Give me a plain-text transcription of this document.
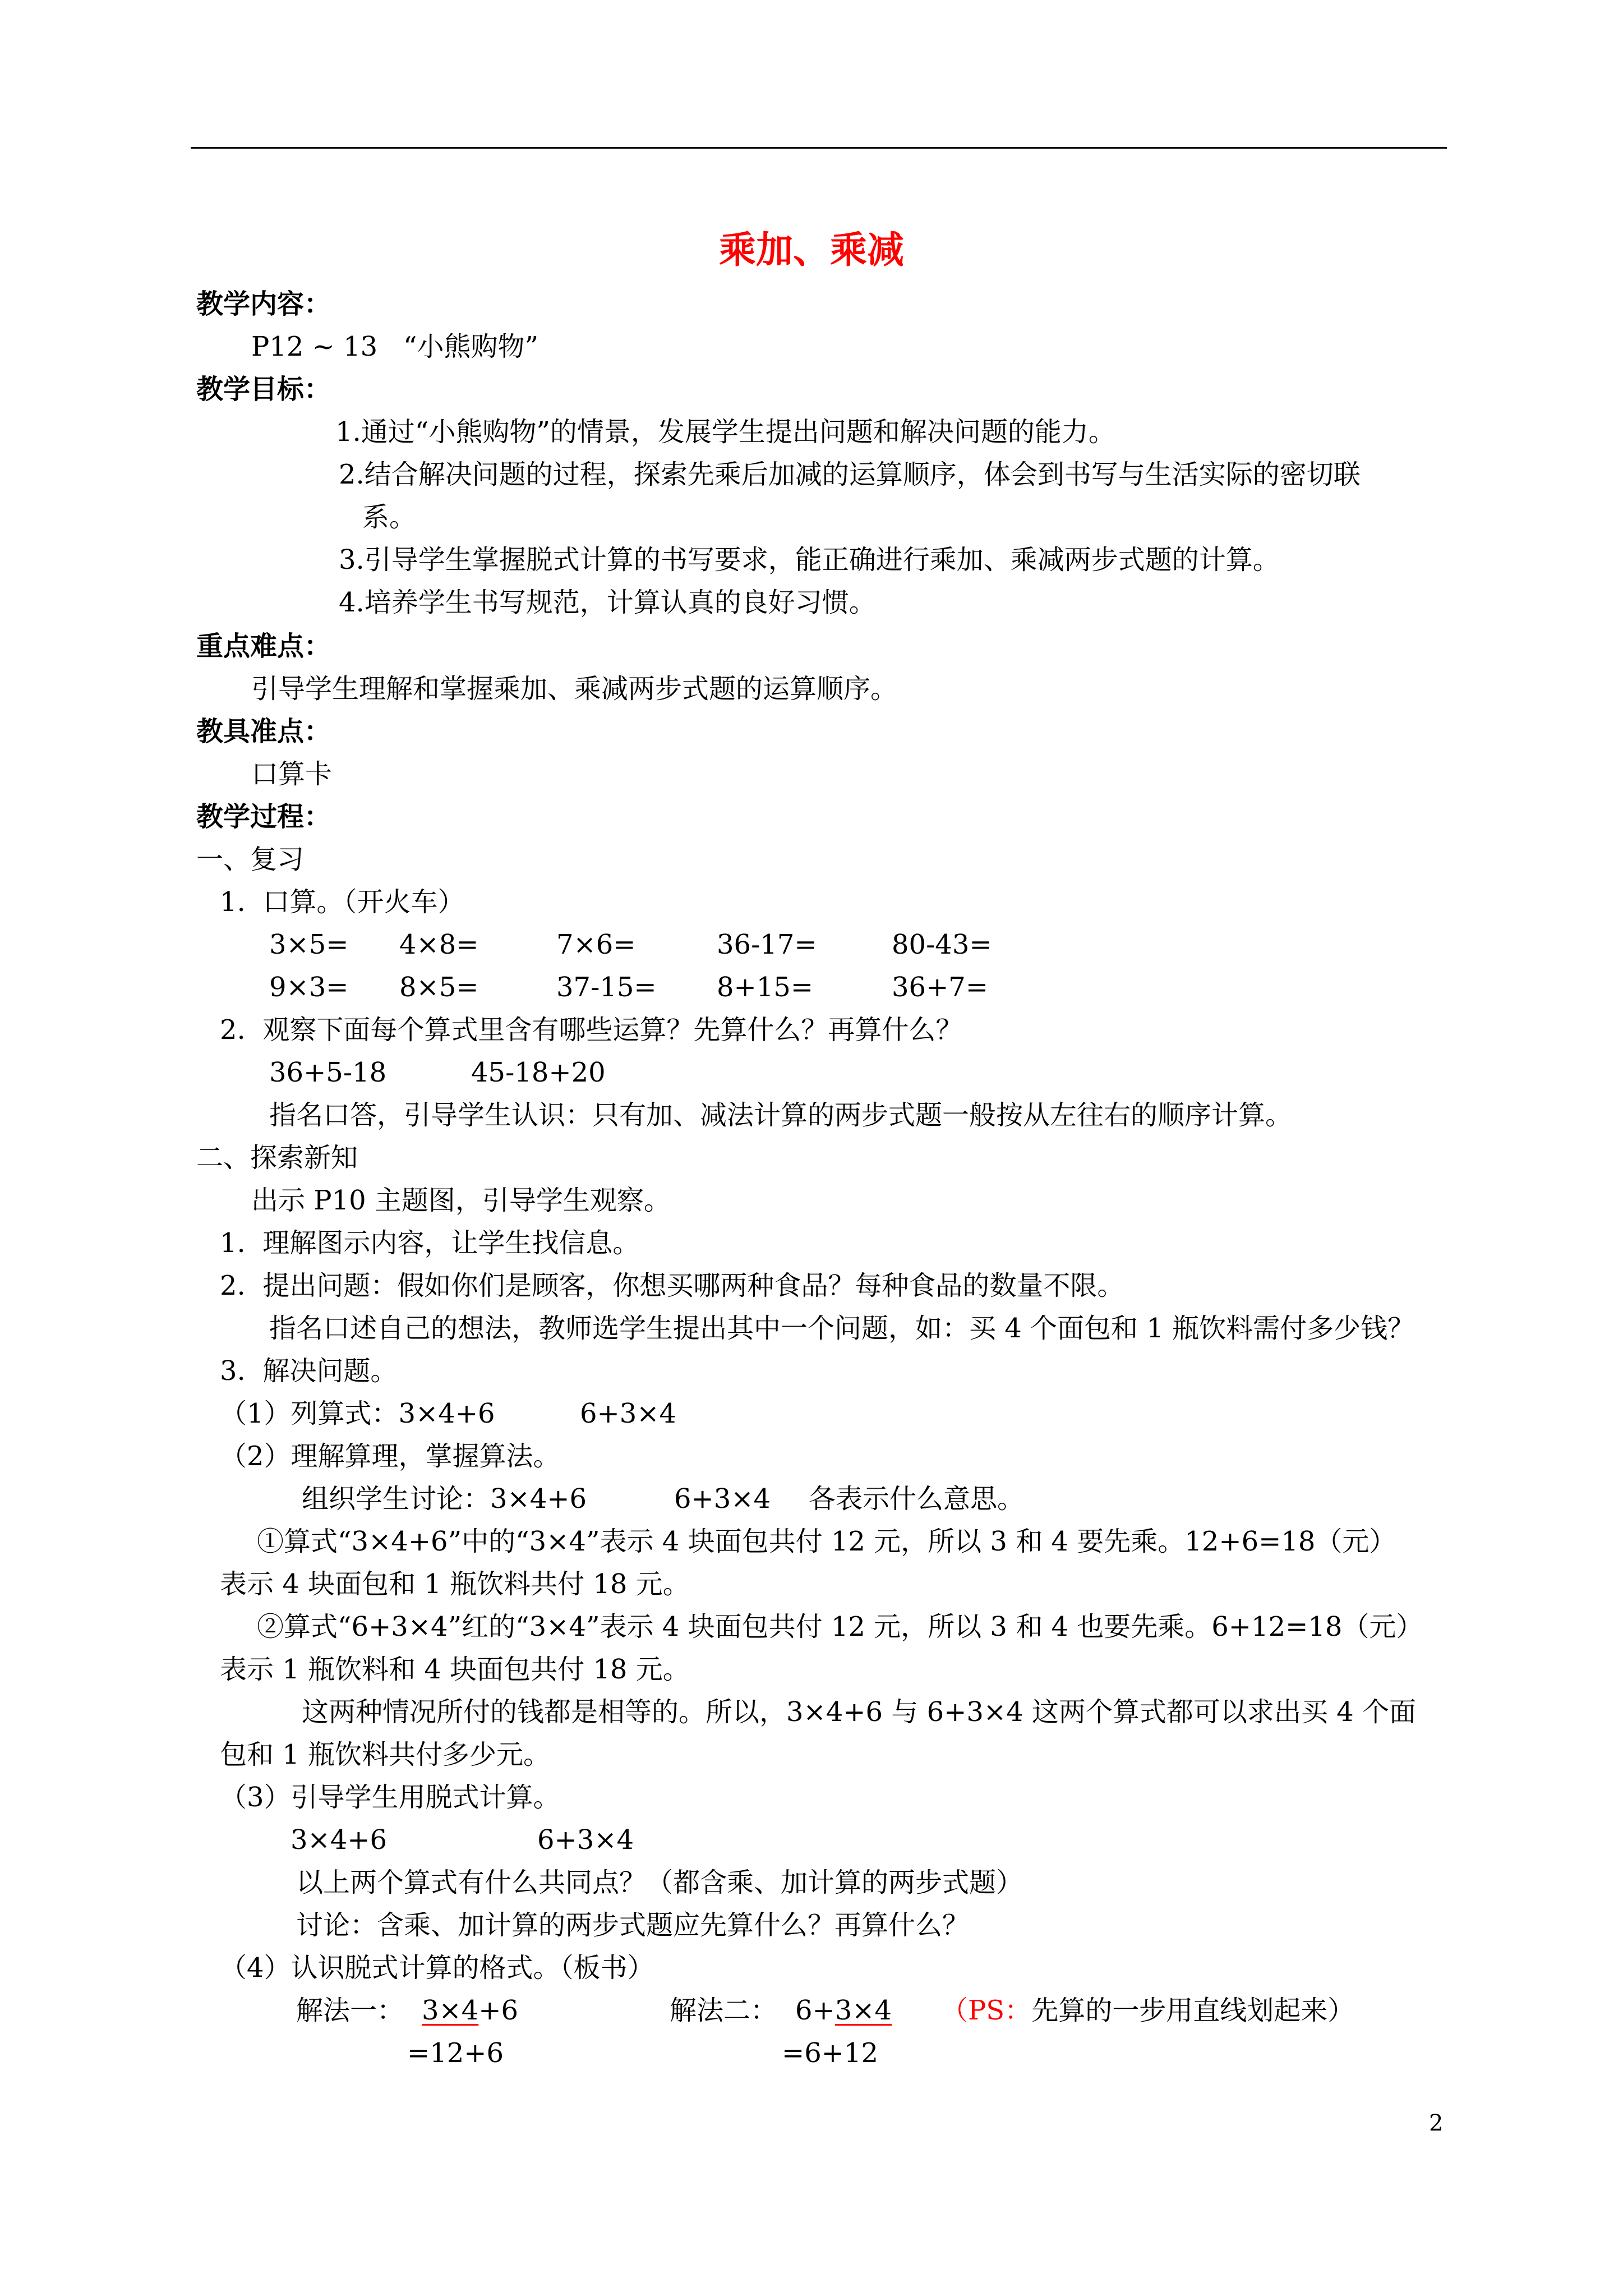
乘加、乘减
教学内容：
P12 ~ 13   “小熊购物”
教学目标：
1.通过“小熊购物”的情景，发展学生提出问题和解决问题的能力。
2.结合解决问题的过程，探索先乘后加减的运算顺序，体会到书写与生活实际的密切联
系。
3.引导学生掌握脱式计算的书写要求，能正确进行乘加、乘减两步式题的计算。
4.培养学生书写规范，计算认真的良好习惯。
重点难点：
引导学生理解和掌握乘加、乘减两步式题的运算顺序。
教具准点：
口算卡
教学过程：
一、复习
1.  口算。（开火车）
3×5= 4×8=	7×6=	36-17=	80-43=
9×3= 8×5=	37-15= 8+15=	36+7=
2.  观察下面每个算式里含有哪些运算？先算什么？再算什么？
36+5-18	45-18+20
指名口答，引导学生认识：只有加、减法计算的两步式题一般按从左往右的顺序计算。
二、探索新知
出示 P10 主题图，引导学生观察。
1.  理解图示内容，让学生找信息。
2.  提出问题：假如你们是顾客，你想买哪两种食品？每种食品的数量不限。
指名口述自己的想法，教师选学生提出其中一个问题，如：买 4 个面包和 1 瓶饮料需付多少钱？
3.  解决问题。
（1）列算式：3×4+6	6+3×4
（2）理解算理，掌握算法。
组织学生讨论：3×4+6	6+3×4 各表示什么意思。
①算式“3×4+6”中的“3×4”表示 4 块面包共付 12 元，所以 3 和 4 要先乘。12+6=18（元）
表示 4 块面包和 1 瓶饮料共付 18 元。
②算式“6+3×4”红的“3×4”表示 4 块面包共付 12 元，所以 3 和 4 也要先乘。6+12=18（元）
表示 1 瓶饮料和 4 块面包共付 18 元。
这两种情况所付的钱都是相等的。所以，3×4+6 与 6+3×4 这两个算式都可以求出买 4 个面
包和 1 瓶饮料共付多少元。
（3）引导学生用脱式计算。
3×4+6	6+3×4
以上两个算式有什么共同点？（都含乘、加计算的两步式题）
讨论：含乘、加计算的两步式题应先算什么？再算什么？
（4）认识脱式计算的格式。（板书）
解法一： 3×4+6
=12+6
解法二： 6+3×4
=6+12
（PS：先算的一步用直线划起来）
2
